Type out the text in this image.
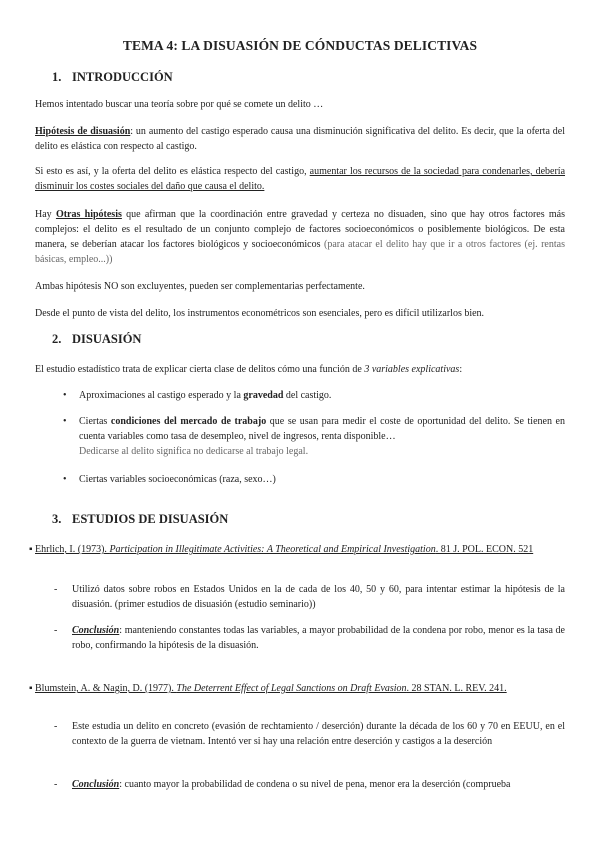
TEMA 4: LA DISUASIÓN DE CÓNDUCTAS DELICTIVAS
1. INTRODUCCIÓN

Hemos intentado buscar una teoría sobre por qué se comete un delito …

Hipótesis de disuasión: un aumento del castigo esperado causa una disminución significativa del delito. Es decir, que la oferta del delito es elástica con respecto al castigo.

Si esto es así, y la oferta del delito es elástica respecto del castigo, aumentar los recursos de la sociedad para condenarles, debería disminuir los costes sociales del daño que causa el delito.

Hay Otras hipótesis que afirman que la coordinación entre gravedad y certeza no disuaden, sino que hay otros factores más complejos: el delito es el resultado de un conjunto complejo de factores socioeconómicos o posiblemente biológicos. De esta manera, se deberían atacar los factores biológicos y socioeconómicos (para atacar el delito hay que ir a otros factores (ej. rentas básicas, empleo...))

Ambas hipótesis NO son excluyentes, pueden ser complementarias perfectamente.

Desde el punto de vista del delito, los instrumentos econométricos son esenciales, pero es difícil utilizarlos bien.

2. DISUASIÓN

El estudio estadístico trata de explicar cierta clase de delitos cómo una función de 3 variables explicativas:

• Aproximaciones al castigo esperado y la gravedad del castigo.
• Ciertas condiciones del mercado de trabajo que se usan para medir el coste de oportunidad del delito. Se tienen en cuenta variables como tasa de desempleo, nivel de ingresos, renta disponible…
Dedicarse al delito significa no dedicarse al trabajo legal.
• Ciertas variables socioeconómicas (raza, sexo…)
3. ESTUDIOS DE DISUASIÓN
▪ Ehrlich, I. (1973). Participation in Illegitimate Activities: A Theoretical and Empirical Investigation. 81 J. POL. ECON. 521
- Utilizó datos sobre robos en Estados Unidos en la de cada de los 40, 50 y 60, para intentar estimar la hipótesis de la disuasión. (primer estudios de disuasión (estudio seminario))
- Conclusión: manteniendo constantes todas las variables, a mayor probabilidad de la condena por robo, menor es la tasa de robo, confirmando la hipótesis de la disuasión.
▪ Blumstein, A. & Nagin, D. (1977). The Deterrent Effect of Legal Sanctions on Draft Evasion. 28 STAN. L. REV. 241.
- Este estudia un delito en concreto (evasión de rechtamiento / deserción) durante la década de los 60 y 70 en EEUU, en el contexto de la guerra de vietnam. Intentó ver si hay una relación entre deserción y castigos a la deserción
- Conclusión: cuanto mayor la probabilidad de condena o su nivel de pena, menor era la deserción (comprueba
